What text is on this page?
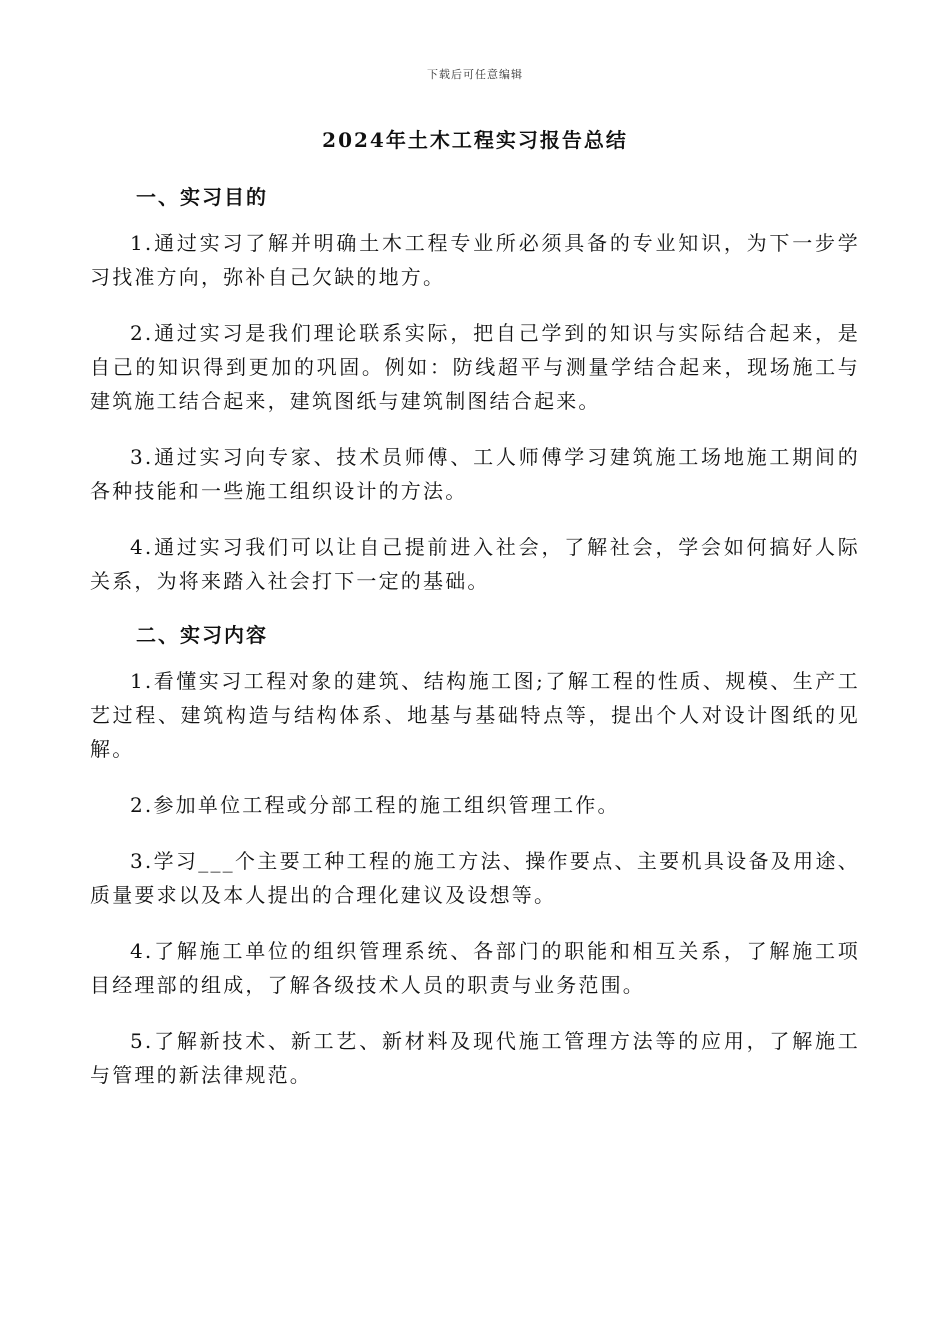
下载后可任意编辑
2024年土木工程实习报告总结
一、实习目的

1.通过实习了解并明确土木工程专业所必须具备的专业知识，为下一步学习找准方向，弥补自己欠缺的地方。

2.通过实习是我们理论联系实际，把自己学到的知识与实际结合起来，是自己的知识得到更加的巩固。例如：防线超平与测量学结合起来，现场施工与建筑施工结合起来，建筑图纸与建筑制图结合起来。

3.通过实习向专家、技术员师傅、工人师傅学习建筑施工场地施工期间的各种技能和一些施工组织设计的方法。

4.通过实习我们可以让自己提前进入社会，了解社会，学会如何搞好人际关系，为将来踏入社会打下一定的基础。

二、实习内容

1.看懂实习工程对象的建筑、结构施工图;了解工程的性质、规模、生产工艺过程、建筑构造与结构体系、地基与基础特点等，提出个人对设计图纸的见解。

2.参加单位工程或分部工程的施工组织管理工作。

3.学习___个主要工种工程的施工方法、操作要点、主要机具设备及用途、质量要求以及本人提出的合理化建议及设想等。

4.了解施工单位的组织管理系统、各部门的职能和相互关系，了解施工项目经理部的组成，了解各级技术人员的职责与业务范围。

5.了解新技术、新工艺、新材料及现代施工管理方法等的应用，了解施工与管理的新法律规范。
